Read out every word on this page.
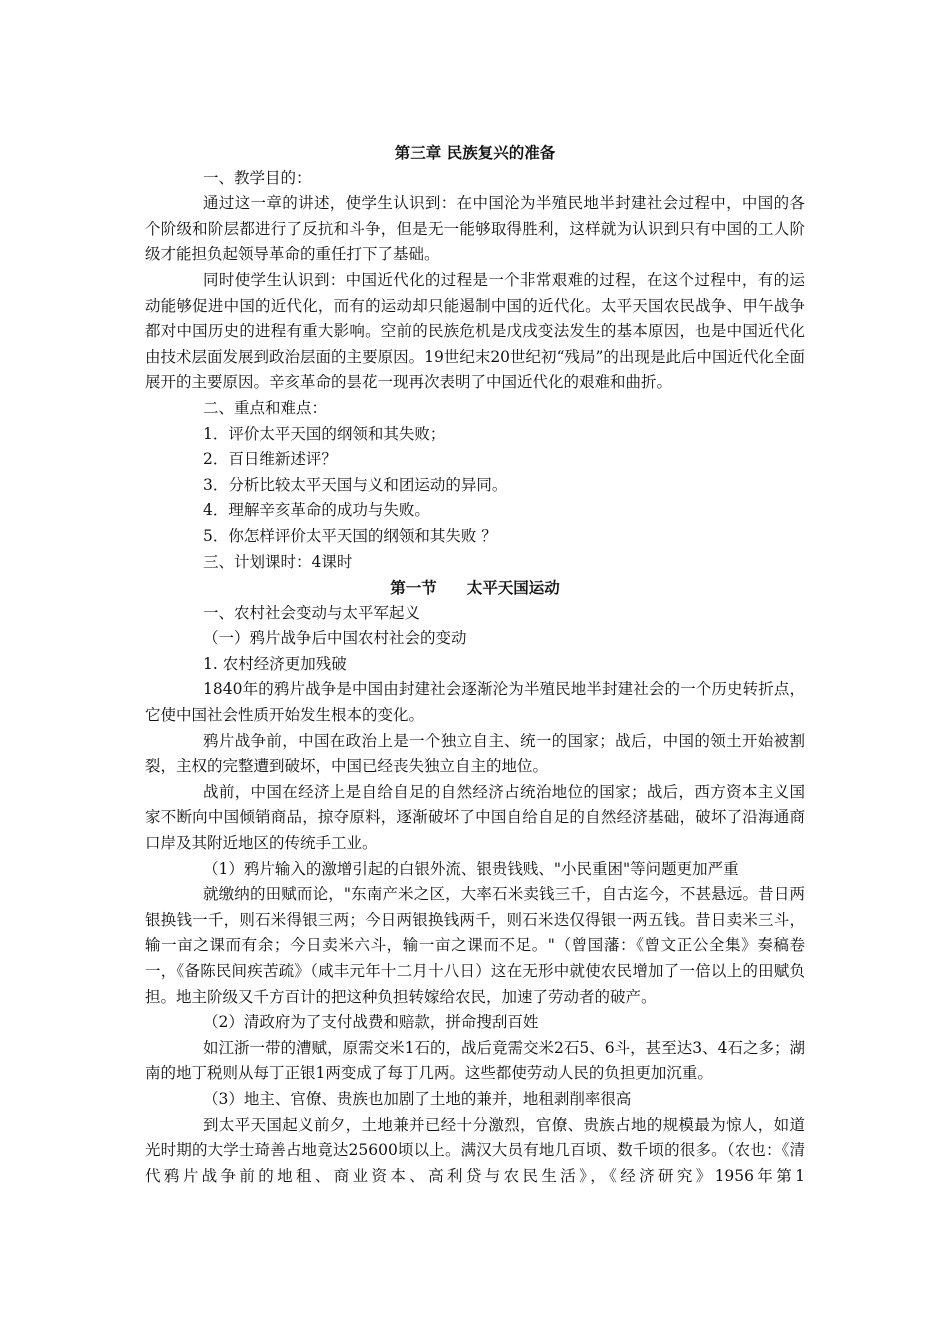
第三章 民族复兴的准备

一、教学目的：

通过这一章的讲述，使学生认识到：在中国沦为半殖民地半封建社会过程中，中国的各个阶级和阶层都进行了反抗和斗争，但是无一能够取得胜利，这样就为认识到只有中国的工人阶级才能担负起领导革命的重任打下了基础。

同时使学生认识到：中国近代化的过程是一个非常艰难的过程，在这个过程中，有的运动能够促进中国的近代化，而有的运动却只能遏制中国的近代化。太平天国农民战争、甲午战争都对中国历史的进程有重大影响。空前的民族危机是戊戌变法发生的基本原因，也是中国近代化由技术层面发展到政治层面的主要原因。19世纪末20世纪初“残局”的出现是此后中国近代化全面展开的主要原因。辛亥革命的昙花一现再次表明了中国近代化的艰难和曲折。

二、重点和难点：

1．评价太平天国的纲领和其失败；

2．百日维新述评？

3．分析比较太平天国与义和团运动的异同。

4．理解辛亥革命的成功与失败。

5．你怎样评价太平天国的纲领和其失败 ？

三、计划课时：4课时

第一节 太平天国运动

一、农村社会变动与太平军起义

（一）鸦片战争后中国农村社会的变动

1. 农村经济更加残破

1840年的鸦片战争是中国由封建社会逐渐沦为半殖民地半封建社会的一个历史转折点，它使中国社会性质开始发生根本的变化。

鸦片战争前，中国在政治上是一个独立自主、统一的国家；战后，中国的领土开始被割裂，主权的完整遭到破坏，中国已经丧失独立自主的地位。

战前，中国在经济上是自给自足的自然经济占统治地位的国家；战后，西方资本主义国家不断向中国倾销商品，掠夺原料，逐渐破坏了中国自给自足的自然经济基础，破坏了沿海通商口岸及其附近地区的传统手工业。

（1）鸦片输入的激增引起的白银外流、银贵钱贱、"小民重困"等问题更加严重

就缴纳的田赋而论，"东南产米之区，大率石米卖钱三千，自古迄今，不甚悬远。昔日两银换钱一千，则石米得银三两；今日两银换钱两千，则石米迭仅得银一两五钱。昔日卖米三斗，输一亩之课而有余；今日卖米六斗，输一亩之课而不足。"（曾国藩：《曾文正公全集》奏稿卷一，《备陈民间疾苦疏》（咸丰元年十二月十八日）这在无形中就使农民增加了一倍以上的田赋负担。地主阶级又千方百计的把这种负担转嫁给农民，加速了劳动者的破产。

（2）清政府为了支付战费和赔款，拼命搜刮百姓

如江浙一带的漕赋，原需交米1石的，战后竟需交米2石5、6斗，甚至达3、4石之多；湖南的地丁税则从每丁正银1两变成了每丁几两。这些都使劳动人民的负担更加沉重。

（3）地主、官僚、贵族也加剧了土地的兼并，地租剥削率很高

到太平天国起义前夕，土地兼并已经十分激烈，官僚、贵族占地的规模最为惊人，如道光时期的大学士琦善占地竟达25600顷以上。满汉大员有地几百顷、数千顷的很多。（农也：《清代鸦片战争前的地租、商业资本、高利贷与农民生活》，《经济研究》1956年第1
